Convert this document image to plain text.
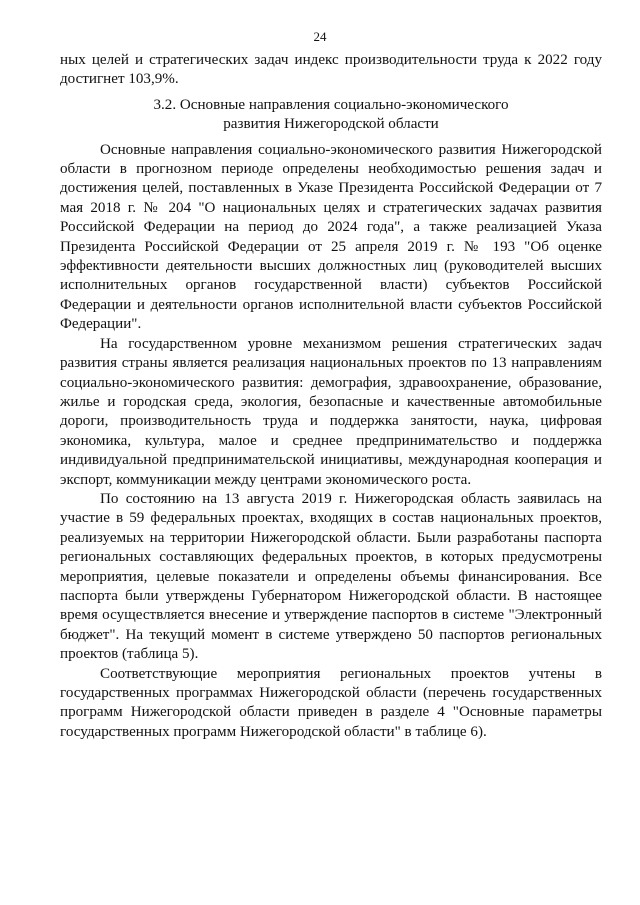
24

ных целей и стратегических задач индекс производительности труда к 2022 году достигнет 103,9%.

3.2. Основные направления социально-экономического
развития Нижегородской области

Основные направления социально-экономического развития Нижегородской области в прогнозном периоде определены необходимостью решения задач и достижения целей, поставленных в Указе Президента Российской Федерации от 7 мая 2018 г. № 204 "О национальных целях и стратегических задачах развития Российской Федерации на период до 2024 года", а также реализацией Указа Президента Российской Федерации от 25 апреля 2019 г. № 193 "Об оценке эффективности деятельности высших должностных лиц (руководителей высших исполнительных органов государственной власти) субъектов Российской Федерации и деятельности органов исполнительной власти субъектов Российской Федерации".

На государственном уровне механизмом решения стратегических задач развития страны является реализация национальных проектов по 13 направлениям социально-экономического развития: демография, здравоохранение, образование, жилье и городская среда, экология, безопасные и качественные автомобильные дороги, производительность труда и поддержка занятости, наука, цифровая экономика, культура, малое и среднее предпринимательство и поддержка индивидуальной предпринимательской инициативы, международная кооперация и экспорт, коммуникации между центрами экономического роста.

По состоянию на 13 августа 2019 г. Нижегородская область заявилась на участие в 59 федеральных проектах, входящих в состав национальных проектов, реализуемых на территории Нижегородской области. Были разработаны паспорта региональных составляющих федеральных проектов, в которых предусмотрены мероприятия, целевые показатели и определены объемы финансирования. Все паспорта были утверждены Губернатором Нижегородской области. В настоящее время осуществляется внесение и утверждение паспортов в системе "Электронный бюджет". На текущий момент в системе утверждено 50 паспортов региональных проектов (таблица 5).

Соответствующие мероприятия региональных проектов учтены в государственных программах Нижегородской области (перечень государственных программ Нижегородской области приведен в разделе 4 "Основные параметры государственных программ Нижегородской области" в таблице 6).
